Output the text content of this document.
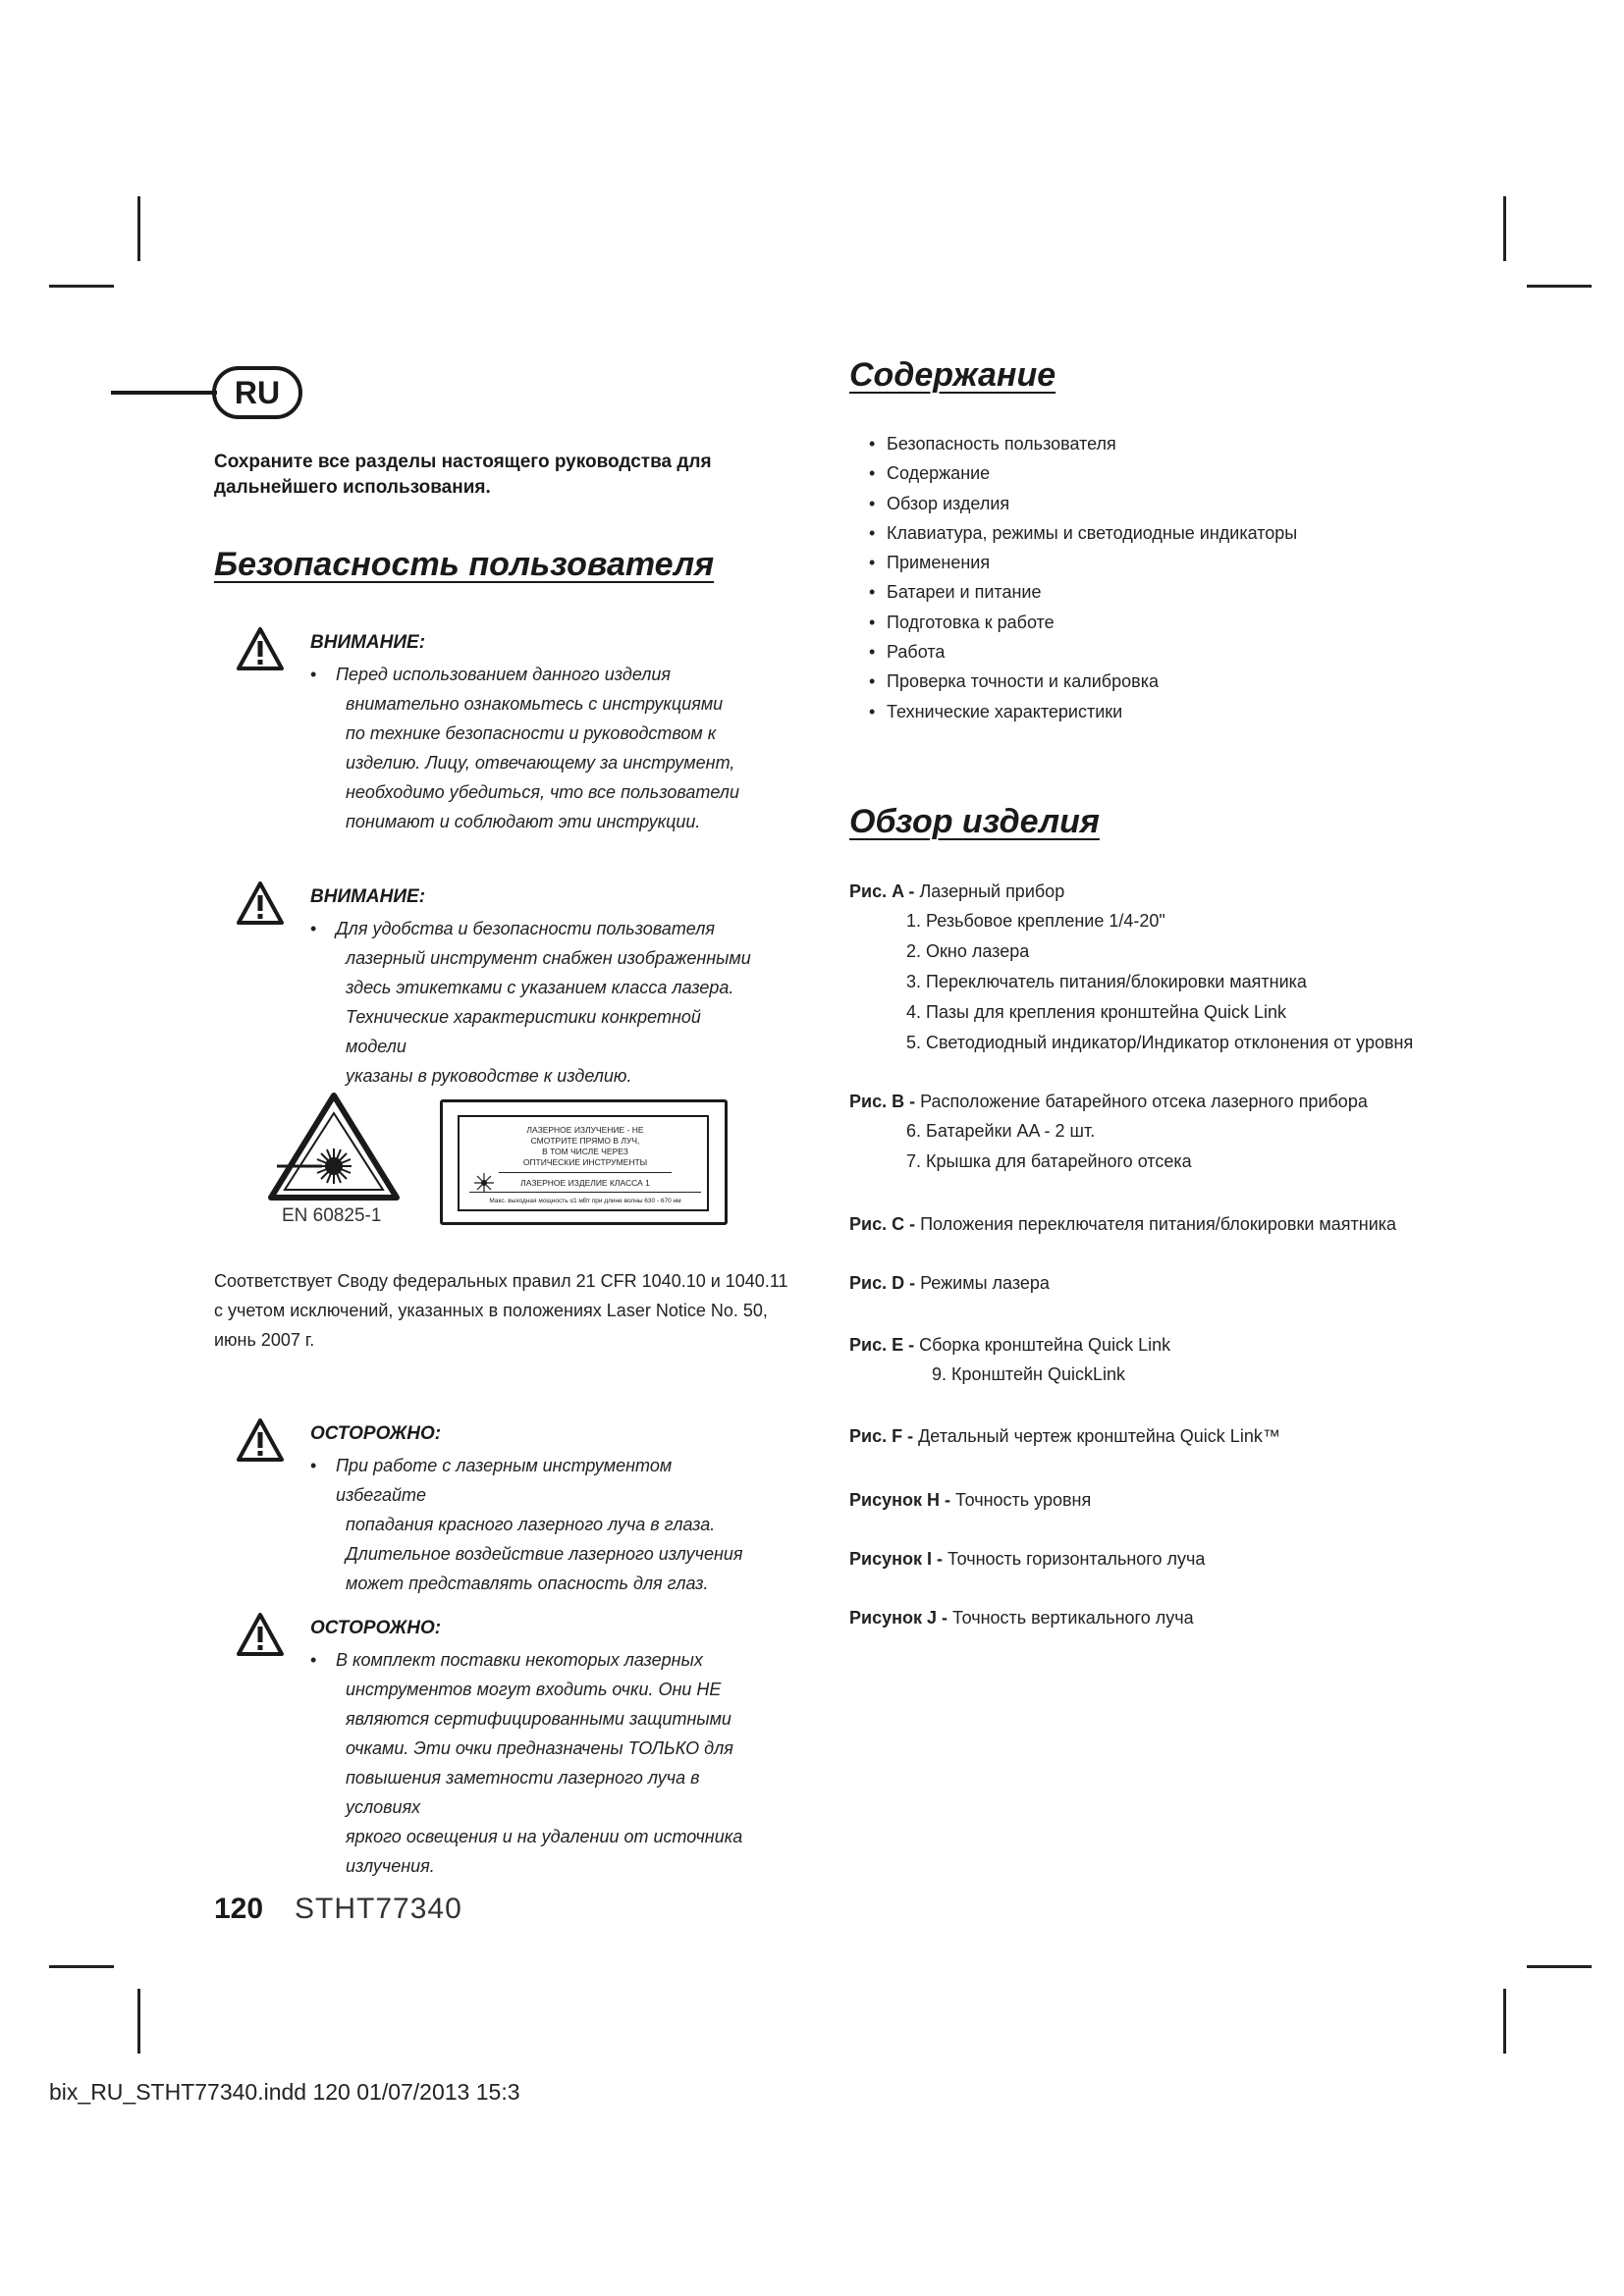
RU
Сохраните все разделы настоящего руководства для дальнейшего использования.
Безопасность пользователя
ВНИМАНИЕ:
•	Перед использованием данного изделия
внимательно ознакомьтесь с инструкциями
по технике безопасности и руководством к
изделию. Лицу, отвечающему за инструмент,
необходимо убедиться, что все пользователи
понимают и соблюдают эти инструкции.
ВНИМАНИЕ:
•	Для удобства и безопасности пользователя
лазерный инструмент снабжен изображенными
здесь этикетками с указанием класса лазера.
Технические характеристики конкретной модели
указаны в руководстве к изделию.
EN 60825-1
ЛАЗЕРНОЕ ИЗЛУЧЕНИЕ - НЕ
СМОТРИТЕ ПРЯМО В ЛУЧ,
В ТОМ ЧИСЛЕ ЧЕРЕЗ
ОПТИЧЕСКИЕ ИНСТРУМЕНТЫ
ЛАЗЕРНОЕ ИЗДЕЛИЕ КЛАССА 1
Макс. выходная мощность ≤1 мВт при длине волны 630 - 670 нм
Соответствует Своду федеральных правил 21 CFR 1040.10 и 1040.11
с учетом исключений, указанных в положениях Laser Notice No. 50,
июнь 2007 г.
ОСТОРОЖНО:
•	При работе с лазерным инструментом избегайте
попадания красного лазерного луча в глаза.
Длительное воздействие лазерного излучения
может представлять опасность для глаз.
ОСТОРОЖНО:
•	В комплект поставки некоторых лазерных
инструментов могут входить очки. Они НЕ
являются сертифицированными защитными
очками. Эти очки предназначены ТОЛЬКО для
повышения заметности лазерного луча в условиях
яркого освещения и на удалении от источника
излучения.
120 STHT77340
Содержание
• Безопасность пользователя
• Содержание
• Обзор изделия
• Клавиатура, режимы и светодиодные индикаторы
• Применения
• Батареи и питание
• Подготовка к работе
• Работа
• Проверка точности и калибровка
• Технические характеристики
Обзор изделия
Рис. A - Лазерный прибор
1. Резьбовое крепление 1/4-20"
2. Окно лазера
3. Переключатель питания/блокировки маятника
4. Пазы для крепления кронштейна Quick Link
5. Светодиодный индикатор/Индикатор отклонения от уровня
Рис. B - Расположение батарейного отсека лазерного прибора
6. Батарейки AA - 2 шт.
7. Крышка для батарейного отсека
Рис. C - Положения переключателя питания/блокировки маятника
Рис. D - Режимы лазера
Рис. E - Сборка кронштейна Quick Link
9. Кронштейн QuickLink
Рис. F - Детальный чертеж кронштейна Quick Link™
Рисунок H - Точность уровня
Рисунок I - Точность горизонтального луча
Рисунок J - Точность вертикального луча
bix_RU_STHT77340.indd 120 01/07/2013 15:3
